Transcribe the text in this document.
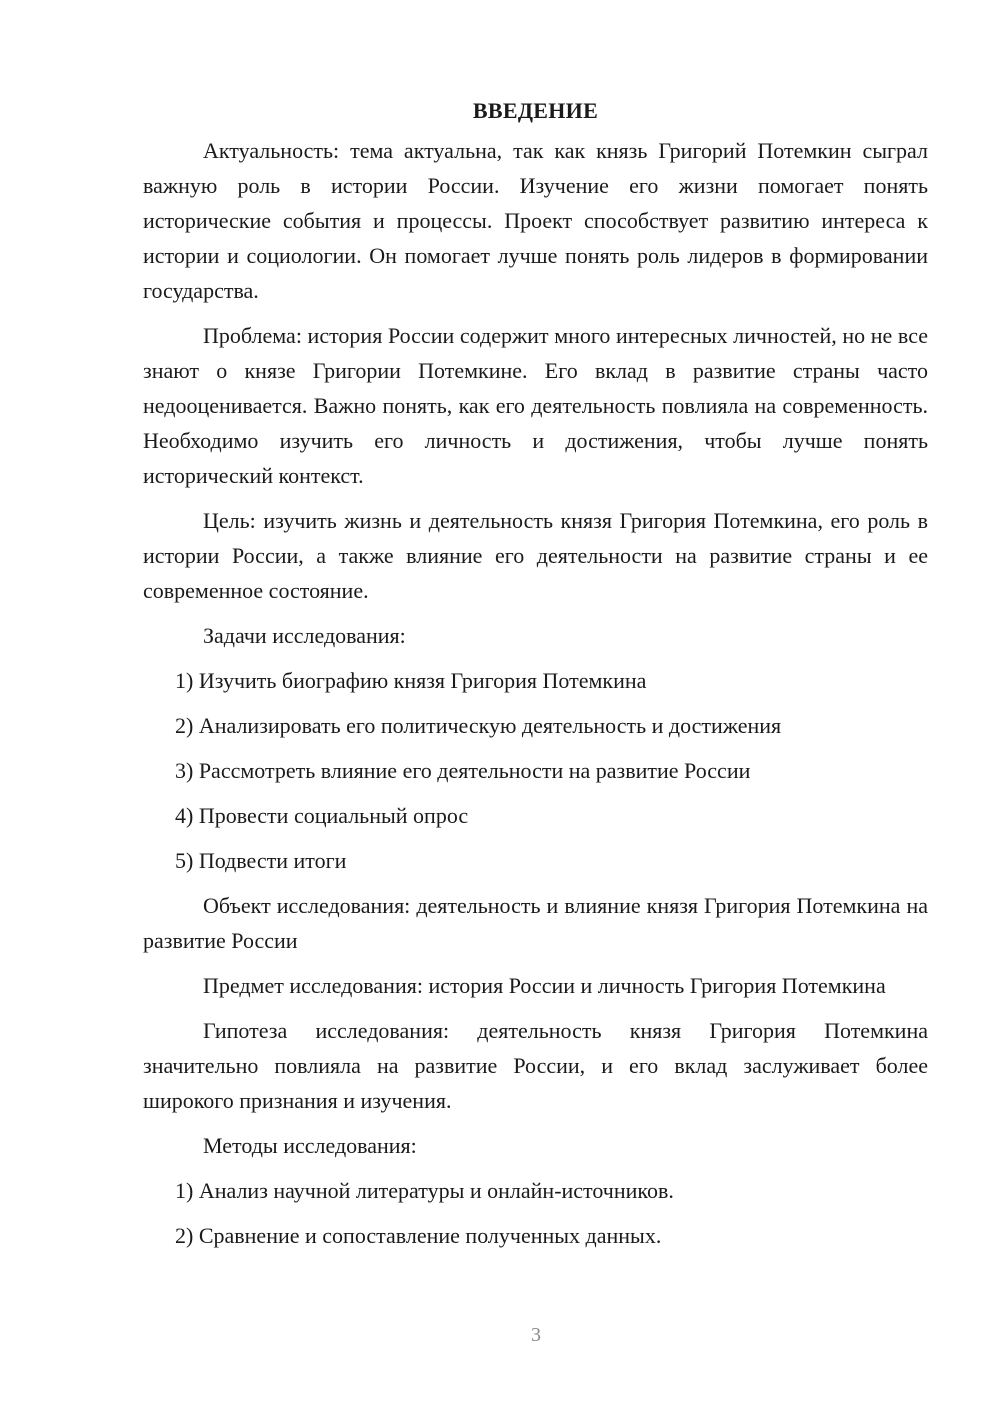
ВВЕДЕНИЕ

Актуальность: тема актуальна, так как князь Григорий Потемкин сыграл важную роль в истории России. Изучение его жизни помогает понять исторические события и процессы. Проект способствует развитию интереса к истории и социологии. Он помогает лучше понять роль лидеров в формировании государства.

Проблема: история России содержит много интересных личностей, но не все знают о князе Григории Потемкине. Его вклад в развитие страны часто недооценивается. Важно понять, как его деятельность повлияла на современность. Необходимо изучить его личность и достижения, чтобы лучше понять исторический контекст.

Цель: изучить жизнь и деятельность князя Григория Потемкина, его роль в истории России, а также влияние его деятельности на развитие страны и ее современное состояние.

Задачи исследования:

1) Изучить биографию князя Григория Потемкина

2) Анализировать его политическую деятельность и достижения

3) Рассмотреть влияние его деятельности на развитие России

4) Провести социальный опрос

5) Подвести итоги

Объект исследования: деятельность и влияние князя Григория Потемкина на развитие России

Предмет исследования: история России и личность Григория Потемкина

Гипотеза исследования: деятельность князя Григория Потемкина значительно повлияла на развитие России, и его вклад заслуживает более широкого признания и изучения.

Методы исследования:

1) Анализ научной литературы и онлайн-источников.

2) Сравнение и сопоставление полученных данных.

3
